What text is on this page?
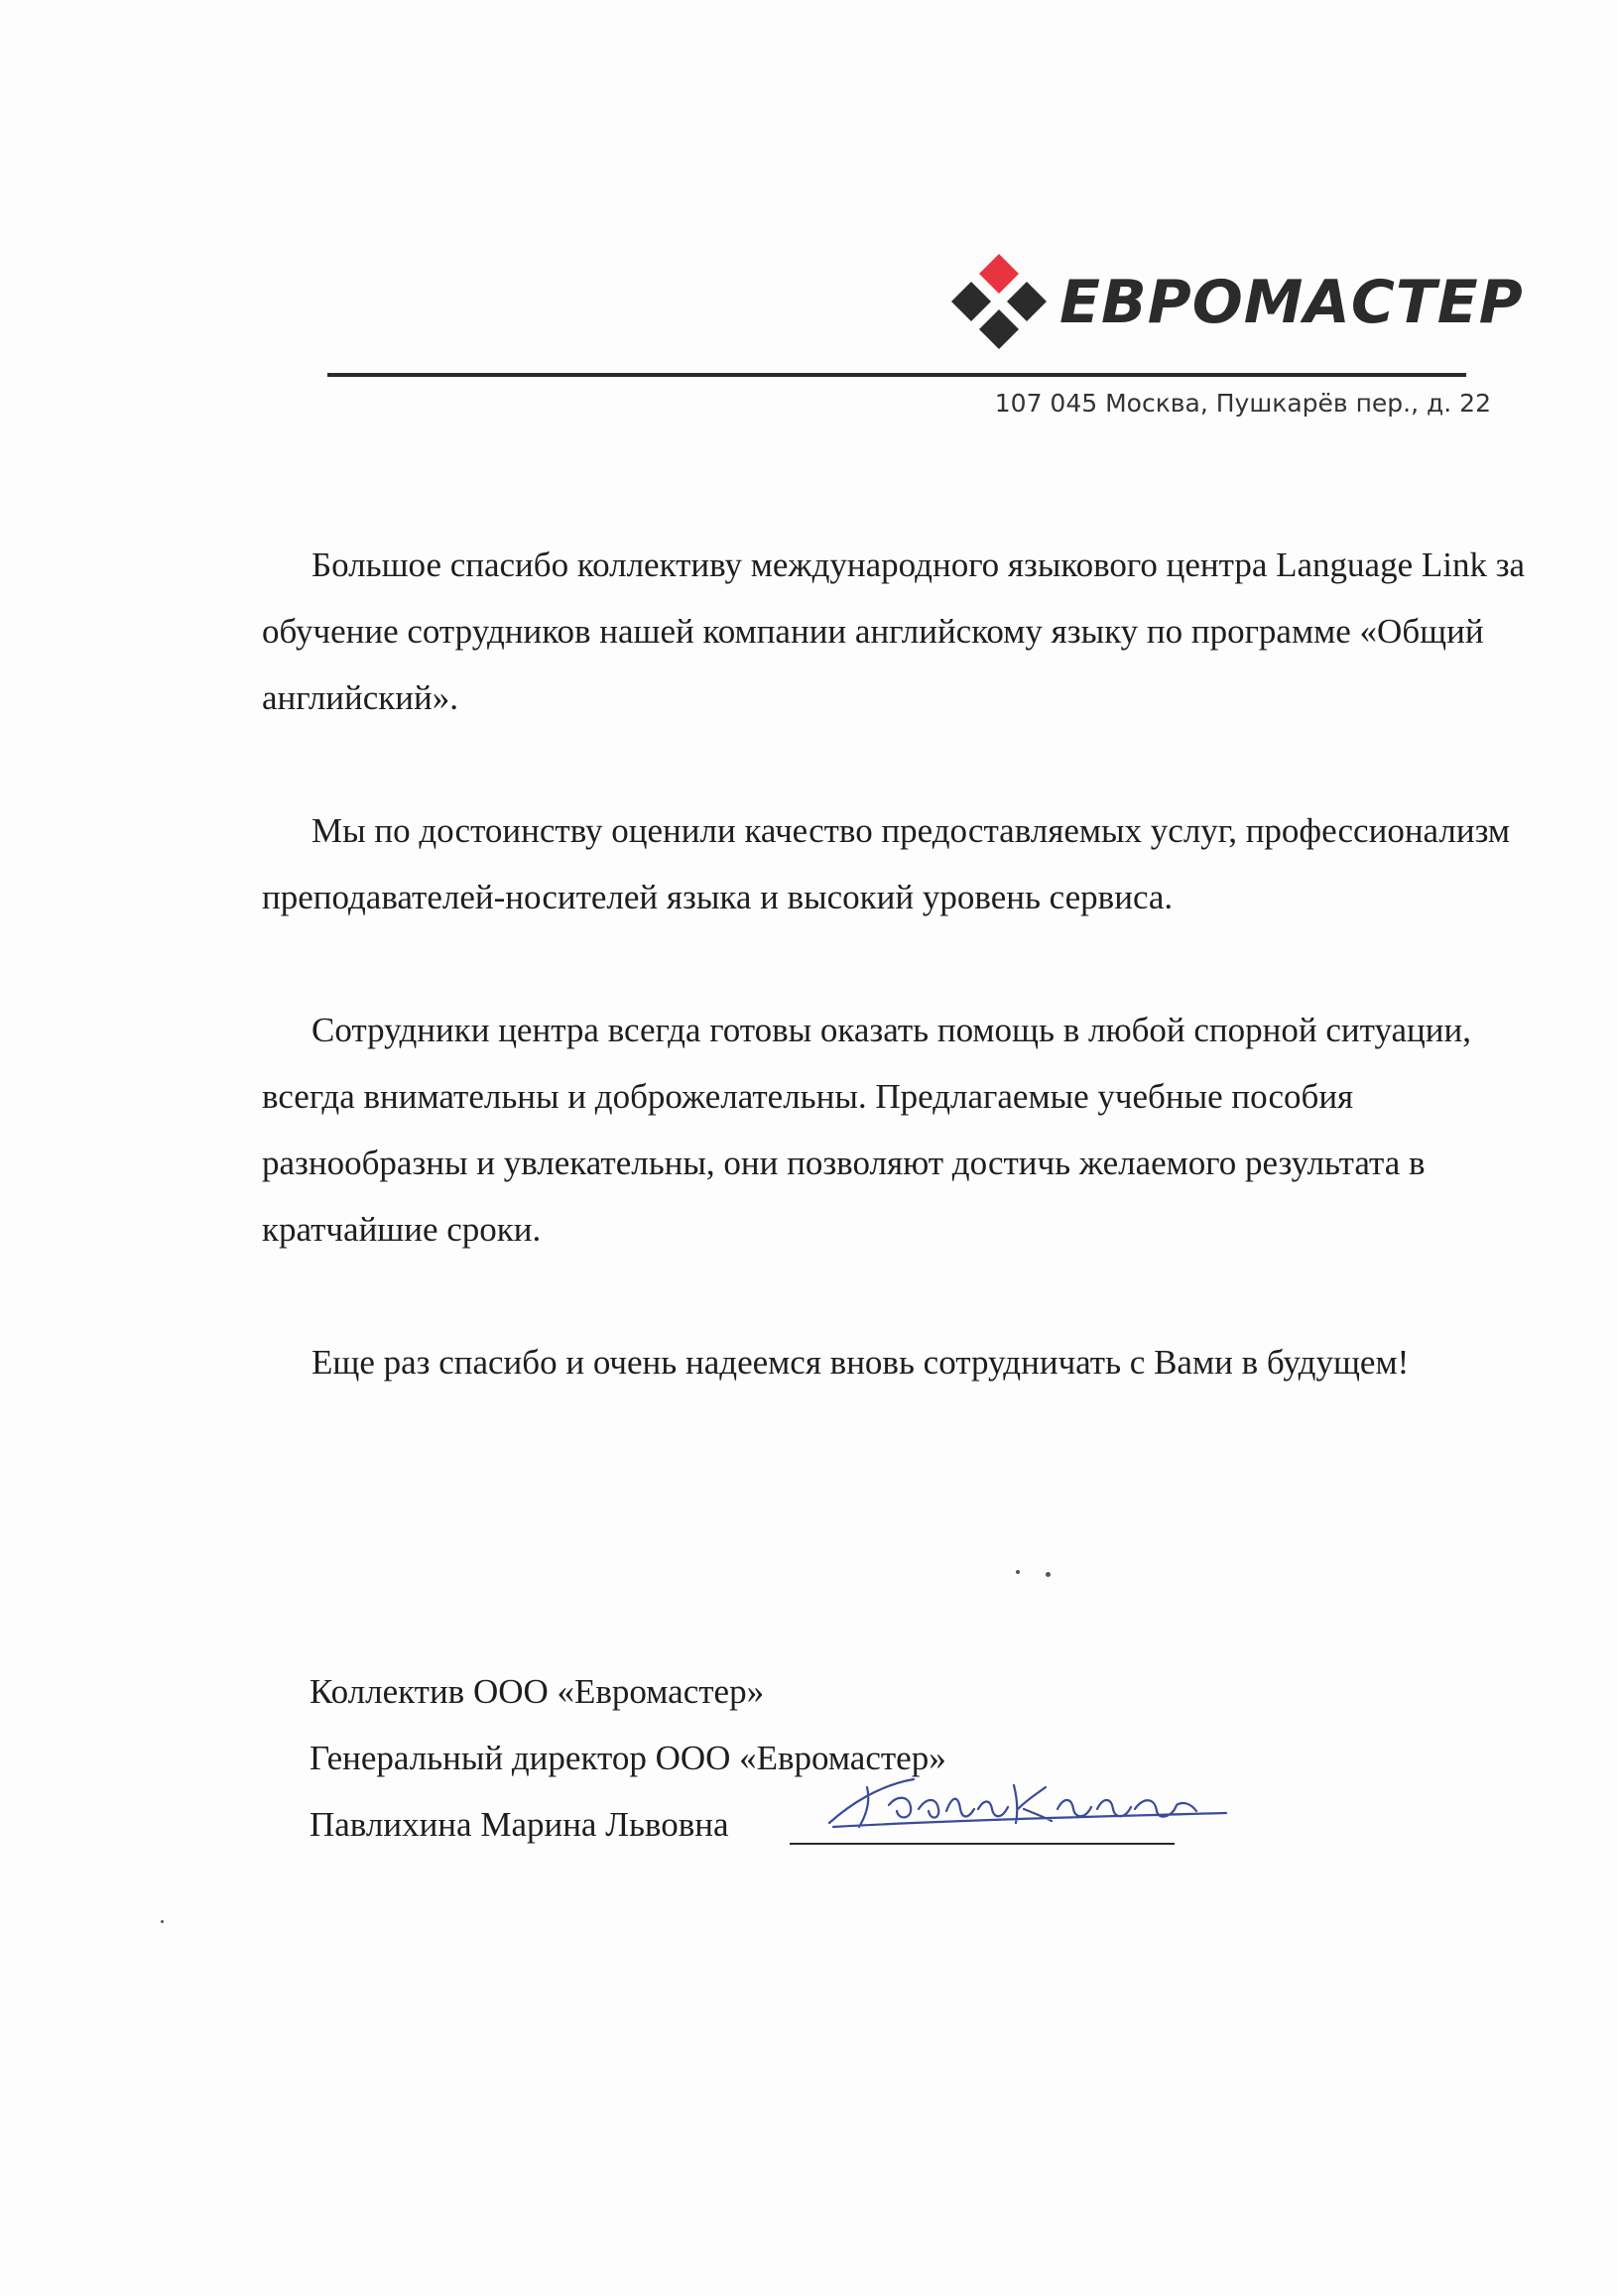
ЕВРОМАСТЕР
107 045 Москва, Пушкарёв пер., д. 22

Большое спасибо коллективу международного языкового центра Language Link за обучение сотрудников нашей компании английскому языку по программе «Общий английский».

Мы по достоинству оценили качество предоставляемых услуг, профессионализм преподавателей-носителей языка и высокий уровень сервиса.

Сотрудники центра всегда готовы оказать помощь в любой спорной ситуации, всегда внимательны и доброжелательны. Предлагаемые учебные пособия разнообразны и увлекательны, они позволяют достичь желаемого результата в кратчайшие сроки.

Еще раз спасибо и очень надеемся вновь сотрудничать с Вами в будущем!

Коллектив ООО «Евромастер»
Генеральный директор ООО «Евромастер»
Павлихина Марина Львовна
